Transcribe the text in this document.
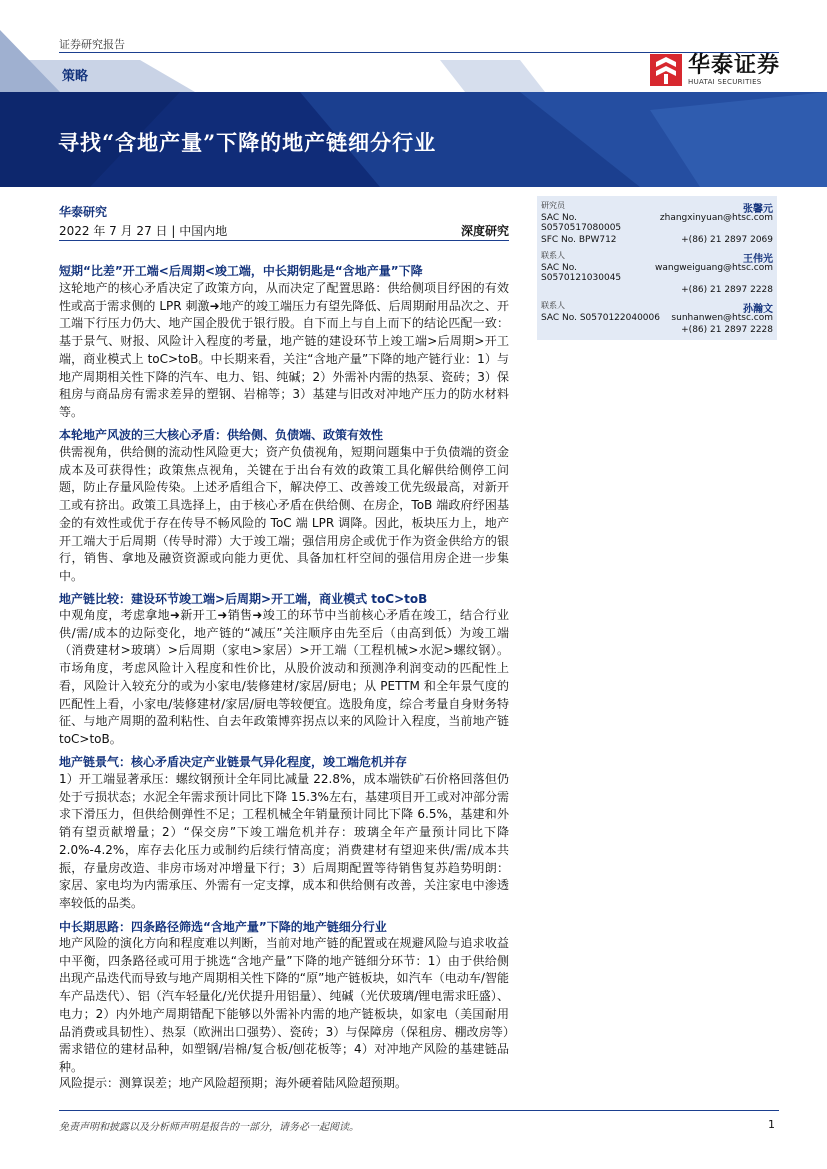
证券研究报告
华泰证券
HUATAI SECURITIES
策略
寻找“含地产量”下降的地产链细分行业
华泰研究
2022 年 7 月 27 日 | 中国内地	深度研究
研究员	张馨元
SAC No. S0570517080005
zhangxinyuan@htsc.com
SFC No. BPW712	+(86) 21 2897 2069
联系人	王伟光
SAC No. S0570121030045
wangweiguang@htsc.com
+(86) 21 2897 2228
联系人	孙瀚文
SAC No. S0570122040006 sunhanwen@htsc.com
+(86) 21 2897 2228
短期“比差”开工端<后周期<竣工端，中长期钥匙是“含地产量”下降
这轮地产的核心矛盾决定了政策方向，从而决定了配置思路：供给侧项目纾困的有效性或高于需求侧的 LPR 刺激➜地产的竣工端压力有望先降低、后周期耐用品次之、开工端下行压力仍大、地产国企股优于银行股。自下而上与自上而下的结论匹配一致：基于景气、财报、风险计入程度的考量，地产链的建设环节上竣工端>后周期>开工端，商业模式上 toC>toB。中长期来看，关注“含地产量”下降的地产链行业：1）与地产周期相关性下降的汽车、电力、铝、纯碱；2）外需补内需的热泵、瓷砖；3）保租房与商品房有需求差异的塑钢、岩棉等；3）基建与旧改对冲地产压力的防水材料等。
本轮地产风波的三大核心矛盾：供给侧、负债端、政策有效性
供需视角，供给侧的流动性风险更大；资产负债视角，短期问题集中于负债端的资金成本及可获得性；政策焦点视角，关键在于出台有效的政策工具化解供给侧停工问题，防止存量风险传染。上述矛盾组合下，解决停工、改善竣工优先级最高，对新开工或有挤出。政策工具选择上，由于核心矛盾在供给侧、在房企，ToB 端政府纾困基金的有效性或优于存在传导不畅风险的 ToC 端 LPR 调降。因此，板块压力上，地产开工端大于后周期（传导时滞）大于竣工端；强信用房企或优于作为资金供给方的银行，销售、拿地及融资资源或向能力更优、具备加杠杆空间的强信用房企进一步集中。
地产链比较：建设环节竣工端>后周期>开工端，商业模式 toC>toB
中观角度，考虑拿地➜新开工➜销售➜竣工的环节中当前核心矛盾在竣工，结合行业供/需/成本的边际变化，地产链的“减压”关注顺序由先至后（由高到低）为竣工端（消费建材>玻璃）>后周期（家电>家居）>开工端（工程机械>水泥>螺纹钢）。市场角度，考虑风险计入程度和性价比，从股价波动和预测净利润变动的匹配性上看，风险计入较充分的或为小家电/装修建材/家居/厨电；从 PETTM 和全年景气度的匹配性上看，小家电/装修建材/家居/厨电等较便宜。选股角度，综合考量自身财务特征、与地产周期的盈利粘性、自去年政策博弈拐点以来的风险计入程度，当前地产链 toC>toB。
地产链景气：核心矛盾决定产业链景气异化程度，竣工端危机并存
1）开工端显著承压：螺纹钢预计全年同比减量 22.8%，成本端铁矿石价格回落但仍处于亏损状态；水泥全年需求预计同比下降 15.3%左右，基建项目开工或对冲部分需求下滑压力，但供给侧弹性不足；工程机械全年销量预计同比下降 6.5%，基建和外销有望贡献增量；2）“保交房”下竣工端危机并存：玻璃全年产量预计同比下降 2.0%-4.2%，库存去化压力或制约后续行情高度；消费建材有望迎来供/需/成本共振，存量房改造、非房市场对冲增量下行；3）后周期配置等待销售复苏趋势明朗：家居、家电均为内需承压、外需有一定支撑，成本和供给侧有改善，关注家电中渗透率较低的品类。
中长期思路：四条路径筛选“含地产量”下降的地产链细分行业
地产风险的演化方向和程度难以判断，当前对地产链的配置或在规避风险与追求收益中平衡，四条路径或可用于挑选“含地产量”下降的地产链细分环节：1）由于供给侧出现产品迭代而导致与地产周期相关性下降的“原”地产链板块，如汽车（电动车/智能车产品迭代）、铝（汽车轻量化/光伏提升用铝量）、纯碱（光伏玻璃/锂电需求旺盛）、电力；2）内外地产周期错配下能够以外需补内需的地产链板块，如家电（美国耐用品消费或具韧性）、热泵（欧洲出口强势）、瓷砖；3）与保障房（保租房、棚改房等）需求错位的建材品种，如塑钢/岩棉/复合板/刨花板等；4）对冲地产风险的基建链品种。
风险提示：测算误差；地产风险超预期；海外硬着陆风险超预期。
免责声明和披露以及分析师声明是报告的一部分，请务必一起阅读。	1
